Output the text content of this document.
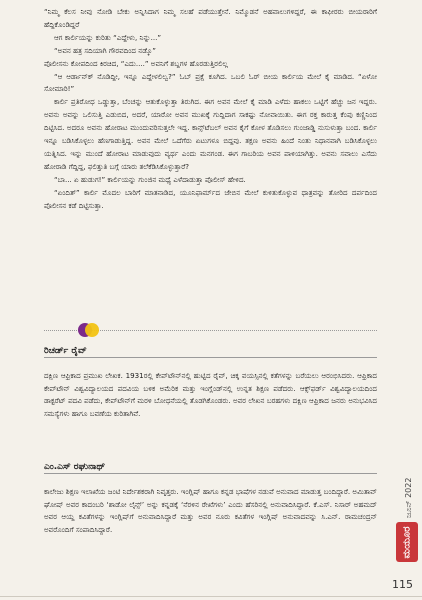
“ನಿಮ್ಮ ಕೆಲಸ ನೀವು ನೋಡಿ ಬೇಕು ಅನ್ನಿಸಿದಾಗ ನಿಮ್ಮ ಸಲಹೆ ಪಡೆಯುತ್ತೇನೆ. ನಿಮ್ಮೊಡನೆ ಅಹವಾಲುಗಳಿದ್ದರೆ, ಈ ಕಾಫೀರರು ಬೀಯರಾರಿಗೆ ಹೆದ್ದಿಕೊಂಡಿದ್ದರೆ

ಆಗ ಕಾರ್ಲಿಯನ್ನು ಕುರಿತು “ಎದ್ದೇಳು, ನಿನ್ನು...”

“ಅವನ ಹತ್ರ ಸದಿಯಾಗಿ ಗೌರವದಿಂದ ನಡ್ಕೊ”

ಪೊಲೀಸನು ಕೋಪದಿಂದ ಕಿರಚಿದ, “ಎದು....” ಅವನಿಗೆ ಶಬ್ದಗಳ ಹೊರಡುತ್ತಿರಲಿಲ್ಲ

“ಆ ಆರ್ಡಾನ್‌ಕ್ ನೊಡಿದ್ದೀ, ಇನ್ನೂ ಎದ್ದೇಳಲಿಲ್ವ?” ಓಬ್ ಪ್ರಕ್ಷೆ ಕೂಗಿದ. ಒಬಲಿ ಓರ್ ಬೀಯ ಕಾರ್ಲಿಯ ಮೇಲೆ ಕೈ ಮಾಡಿದ. “ಏಳೋ ಸೋಮಾರಿ!”

ಕಾರ್ಲಿ ಪ್ರತಿರೋಧ ಒಡ್ಡುತ್ತಾ, ಬೆಂಚನ್ನು ಆತುಕೊಳ್ಳುತ್ತಾ ತಿರುಗಿದ. ಈಗ ಅವನ ಮೇಲೆ ಕೈ ಮಾಡಿ ಎಳೆದು ಹಾಕಲು ಒಟ್ಟಿಗೆ ಹೆಚ್ಚು ಜನ ಇದ್ದರು. ಅವನು ಅವನ್ನು ಒಲಿಸುತ್ತಿ ಎಡುಬಿದ, ಅದರೆ, ಯಾರೋ ಅವನ ಮುಖಕ್ಕೆ ಗುದ್ದಿದಾಗ ಸಾಕಷ್ಟು ನೋವಾಯಿತು. ಈಗ ರಕ್ತ ಕಾರುತ್ತ ಕೆಂಪು ಕಣ್ಣಿನಿಂದ ದಿಟ್ಟಿಸಿದ. ಅದರೂ ಅವನು ಹೋರಾಟ ಮುಂದುವರಿಸುತ್ತಲೇ ಇದ್ದ. ಕಾನ್ಸ್‌ಟೆಬಲ್ ಅವನ ಕೈಗೆ ಕೋಳ ತೊಡಿಸಲು ಗುಂಜಾಡ್ಡಿ ನುಸುಳುತ್ತಾ ಬಂದ. ಕಾರ್ಲಿ ಇನ್ನೂ ಬಡಿಸಿಕೊಳ್ಳಲು ಹೆಣಗಾಡುತ್ತಿದ್ದ. ಅವನ ಮೇಲೆ ಒದೆಗೆರು ಏಟುಗಳೂ ಬಿದ್ದವು. ತಕ್ಷಣ ಅವನು ಹಿಂದೆ ನಿಂತು ನಿಧಾನವಾಗಿ ಬಡಿಸಿಕೊಳ್ಳಲು ಯತ್ನಿಸಿದ. ಇನ್ನು ಮುಂದೆ ಹೋರಾಟ ಮಾಡುವುದು ವ್ಯರ್ಥ ಎಂದು ಮನಗಂಡ. ಈಗ ಗಾಬರಿಯ ಅವನ ಪಾಳಿಯಾಗಿತ್ತು. ಅವನು ಸವಾಲು ಎಸೆದು ಹೋರಾಡಿ ಗೆದ್ದಿದ್ದ, ಫಲಿತ್ತುತಿ ಬಗ್ಗೆ ಯಾರು ತಲೆಕೆಡಿಸಿಕೊಳ್ಳುತ್ತಾರೆ?

“ಬಾ... ಏ ಹುಡುಗ!” ಕಾರ್ಲಿಯನ್ನು ಗುಂಜಿನ ಮಧ್ಯೆ ಎಳೆದಾಡುತ್ತಾ ಪೊಲೀಸ್ ಹೇಳಿದ.

“ಏಂದಿತ್” ಕಾರ್ಲಿ ಮೊದಲ ಬಾರಿಗೆ ಮಾತನಾಡಿದ, ಯೂನಿಫಾರ್ಮ್‌ದ ಜೇಬಿನ ಮೇಲೆ ಕುಳಿತುಕೊಳ್ಳುವ ಧಾತ್ರವನ್ನು ತೋರಿದ ದರ್ಪದಿಂದ ಪೊಲೀಸನ ಕಡೆ ದಿಟ್ಟಿಸುತ್ತಾ.

ರಿಚರ್ಡ್ ರೈವ್
ದಕ್ಷಿಣ ಆಫ್ರಿಕಾದ ಪ್ರಮುಖ ಲೇಖಕ. 1931ರಲ್ಲಿ ಕೇಪ್‌ಟೌನ್‌ನಲ್ಲಿ ಹುಟ್ಟಿದ ರೈವ್, ಚಿಕ್ಕ ವಯಸ್ಸಿನಲ್ಲಿ ಕತೆಗಳನ್ನು ಬರೆಯಲು ಆರಂಭಿಸಿದರು. ಆಫ್ರಿಕಾದ ಕೇಪ್‌ಟೌನ್ ವಿಶ್ವವಿದ್ಯಾಲಯದ ಪದವಿಯ ಬಳಿಕ ಅಮೆರಿಕ ಮತ್ತು ಇಂಗ್ಲೆಂಡ್‌ನಲ್ಲಿ ಉನ್ನತ ಶಿಕ್ಷಣ ಪಡೆದರು. ಆಕ್ಸ್‌ಫರ್ಡ್ ವಿಶ್ವವಿದ್ಯಾಲಯದಿಂದ ಡಾಕ್ಟರೆಟ್ ಪದವಿ ಪಡೆದು, ಕೇಪ್‌ಟೌನ್‌ಗೆ ಮರಳಿ ಬೋಧನೆಯಲ್ಲಿ ತೊಡಗಿಕೊಂಡರು. ಅವರ ಲೇಖನ ಬರಹಗಳು ದಕ್ಷಿಣ ಆಫ್ರಿಕಾದ ಜನರು ಅನುಭವಿಸಿದ ಸಮಸ್ಯೆಗಳು ಹಾಗೂ ಬವಣೆಯ ಕುರಿತಾಗಿವೆ.
ಎಂ.ಎಸ್ ರಘುನಾಥ್
ಕಾಲೇಜು ಶಿಕ್ಷಣ ಇಲಾಖೆಯ ಜಂಟಿ ನಿರ್ದೇಶಕರಾಗಿ ನಿವೃತ್ತರು. ಇಂಗ್ಲಿಷ್ ಹಾಗೂ ಕನ್ನಡ ಭಾಷೆಗಳ ನಡುವೆ ಅನುವಾದ ಮಾಡುತ್ತ ಬಂದಿದ್ದಾರೆ. ಅಮಿತಾವ್ ಘೋಷ್ ಅವರ ಕಾದಂಬರಿ ‘ಶಾಡೋ ಲೈನ್ಸ್’ ಅನ್ನು ಕನ್ನಡಕ್ಕೆ ‘ನೆರಳಿನ ರೇಖೆಗಳು’ ಎಂದು ಹೆಸರಿನಲ್ಲಿ ಅನುವಾದಿಸಿದ್ದಾರೆ. ಕೆ.ಎಸ್. ನಿಸಾರ್ ಅಹಮದ್ ಅವರ ಆಯ್ದ ಕವಿತೆಗಳನ್ನು ಇಂಗ್ಲಿಷ್‌ಗೆ ಅನುವಾದಿಸಿದ್ದಾರೆ ಮತ್ತು ಅವರ ನೂರು ಕವಿತೆಗಳ ಇಂಗ್ಲಿಷ್ ಅನುವಾದವನ್ನು ಸಿ.ಎನ್. ರಾಮಚಂದ್ರನ್ ಅವರೊಂದಿಗೆ ಸಂಪಾದಿಸಿದ್ದಾರೆ.
ಜೂನ್ 2022
ಮಯೂರ
115
